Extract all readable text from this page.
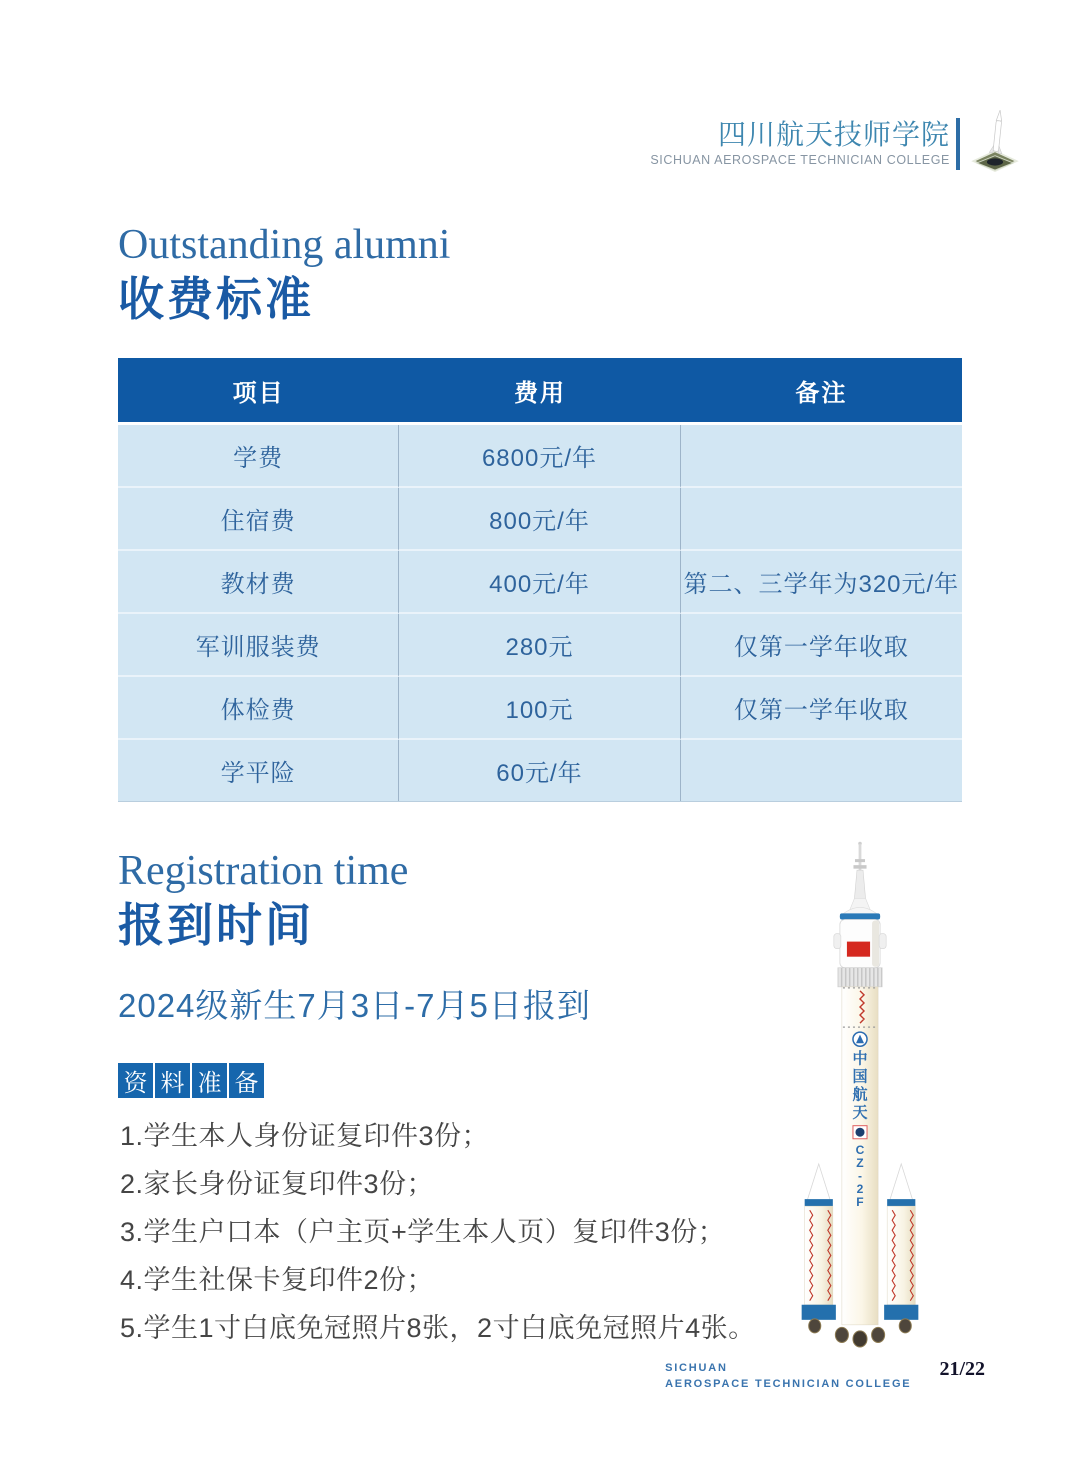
四川航天技师学院
SICHUAN AEROSPACE TECHNICIAN COLLEGE
Outstanding alumni
收费标准
项目	费用	备注
学费	6800元/年	
住宿费	800元/年	
教材费	400元/年	第二、三学年为320元/年
军训服装费	280元	仅第一学年收取
体检费	100元	仅第一学年收取
学平险	60元/年	
Registration time
报到时间
2024级新生7月3日-7月5日报到
资 料 准 备
1.学生本人身份证复印件3份；
2.家长身份证复印件3份；
3.学生户口本（户主页+学生本人页）复印件3份；
4.学生社保卡复印件2份；
5.学生1寸白底免冠照片8张，2寸白底免冠照片4张。
中
国
航
天
C
Z
-
2
F
SICHUAN
AEROSPACE TECHNICIAN COLLEGE
21/22
